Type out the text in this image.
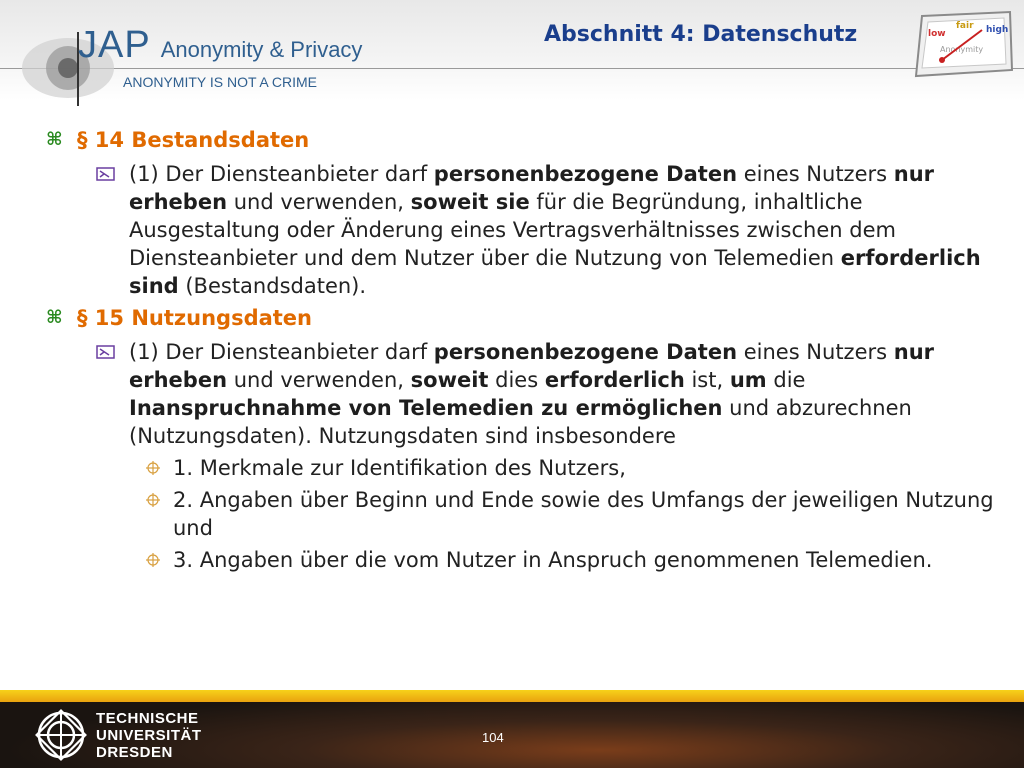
JAP Anonymity & Privacy
ANONYMITY IS NOT A CRIME
Abschnitt 4: Datenschutz	low
fair high
Anonymity
⌘ § 14 Bestandsdaten
(1) Der Diensteanbieter darf personenbezogene Daten eines Nutzers nur erheben und verwenden, soweit sie für die Begründung, inhaltliche Ausgestaltung oder Änderung eines Vertragsverhältnisses zwischen dem Diensteanbieter und dem Nutzer über die Nutzung von Telemedien erforderlich sind (Bestandsdaten).
⌘ § 15 Nutzungsdaten
(1) Der Diensteanbieter darf personenbezogene Daten eines Nutzers nur erheben und verwenden, soweit dies erforderlich ist, um die Inanspruchnahme von Telemedien zu ermöglichen und abzurechnen (Nutzungsdaten). Nutzungsdaten sind insbesondere
1. Merkmale zur Identifikation des Nutzers,
2. Angaben über Beginn und Ende sowie des Umfangs der jeweiligen Nutzung und
3. Angaben über die vom Nutzer in Anspruch genommenen Telemedien.
TECHNISCHE
UNIVERSITÄT
DRESDEN
104
